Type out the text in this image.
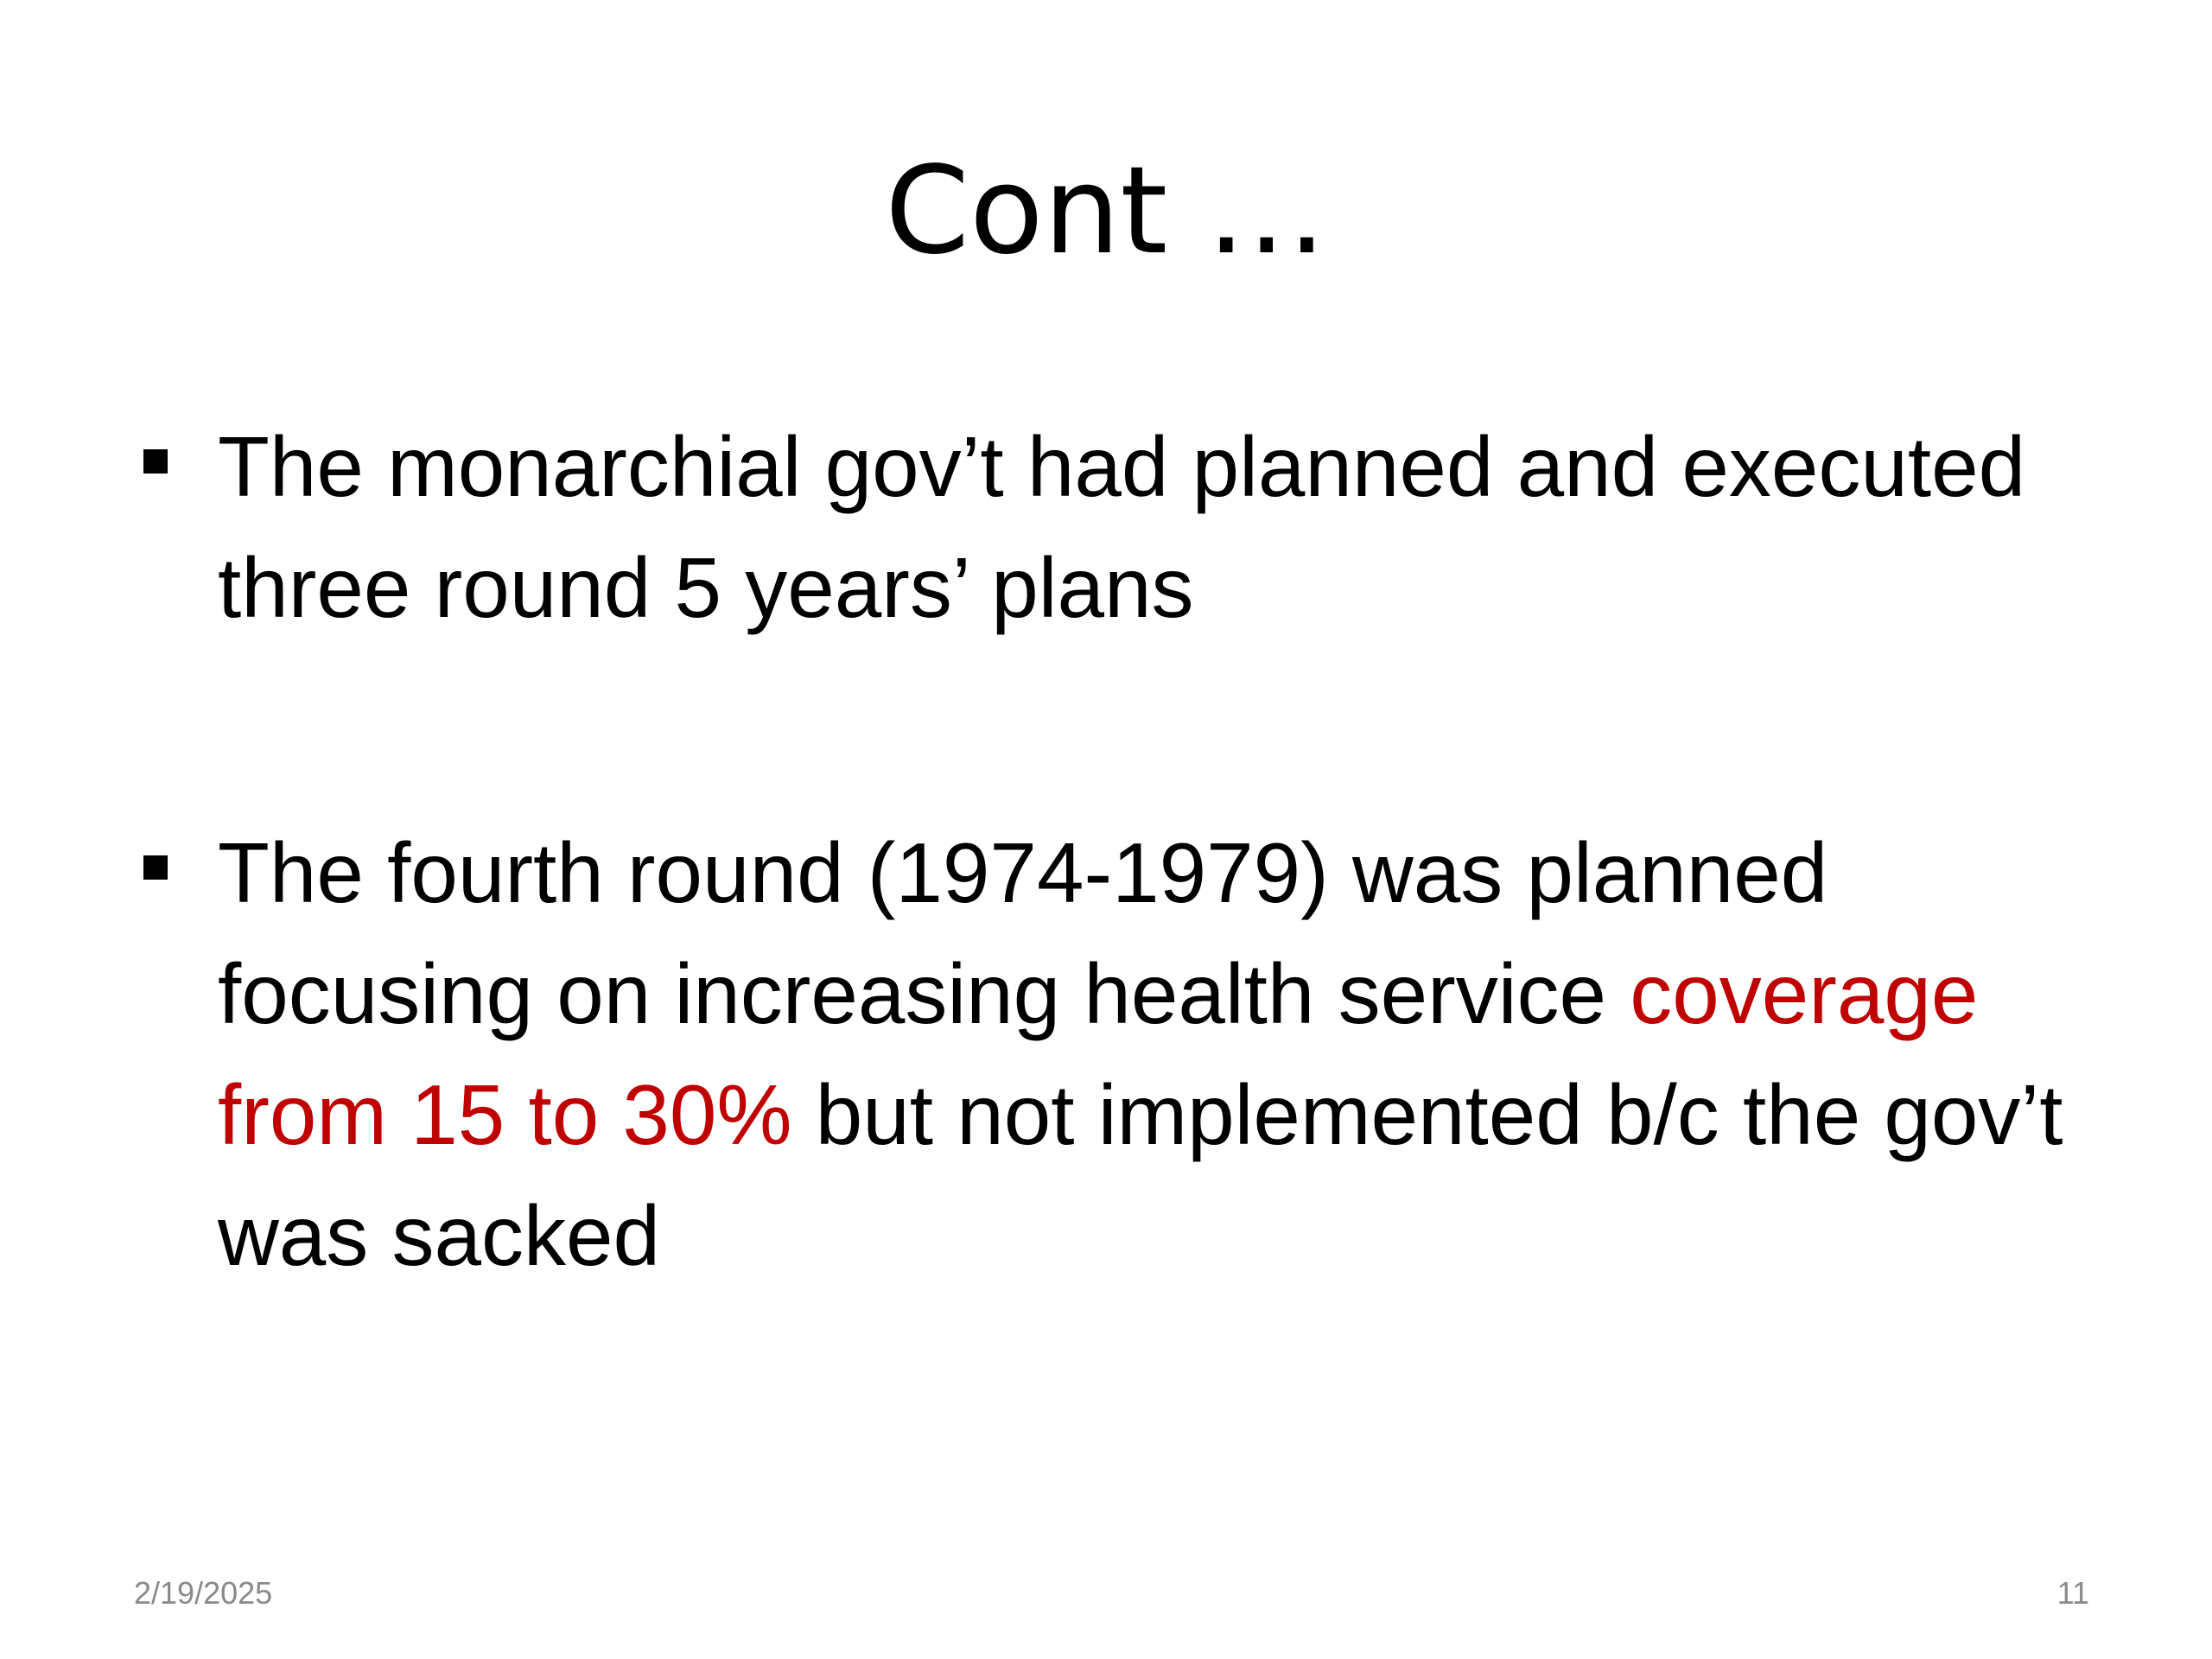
Cont …
The monarchial gov’t had planned and executed three round 5 years’ plans
The fourth round (1974-1979) was planned focusing on increasing health service coverage from 15 to 30% but not implemented b/c the gov’t was sacked
2/19/2025	11
